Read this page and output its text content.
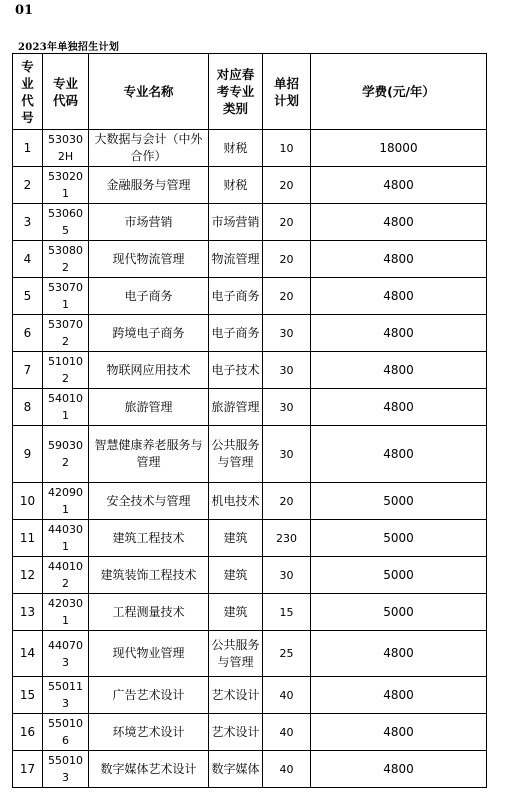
01
2023年单独招生计划
专业代号	专业代码	专业名称	对应春考专业类别	单招计划	学费(元/年）
1	530302H	大数据与会计（中外合作）	财税	10	18000
2	530201	金融服务与管理	财税	20	4800
3	530605	市场营销	市场营销	20	4800
4	530802	现代物流管理	物流管理	20	4800
5	530701	电子商务	电子商务	20	4800
6	530702	跨境电子商务	电子商务	30	4800
7	510102	物联网应用技术	电子技术	30	4800
8	540101	旅游管理	旅游管理	30	4800
9	590302	智慧健康养老服务与管理	公共服务与管理	30	4800
10	420901	安全技术与管理	机电技术	20	5000
11	440301	建筑工程技术	建筑	230	5000
12	440102	建筑装饰工程技术	建筑	30	5000
13	420301	工程测量技术	建筑	15	5000
14	440703	现代物业管理	公共服务与管理	25	4800
15	550113	广告艺术设计	艺术设计	40	4800
16	550106	环境艺术设计	艺术设计	40	4800
17	550103	数字媒体艺术设计	数字媒体	40	4800
